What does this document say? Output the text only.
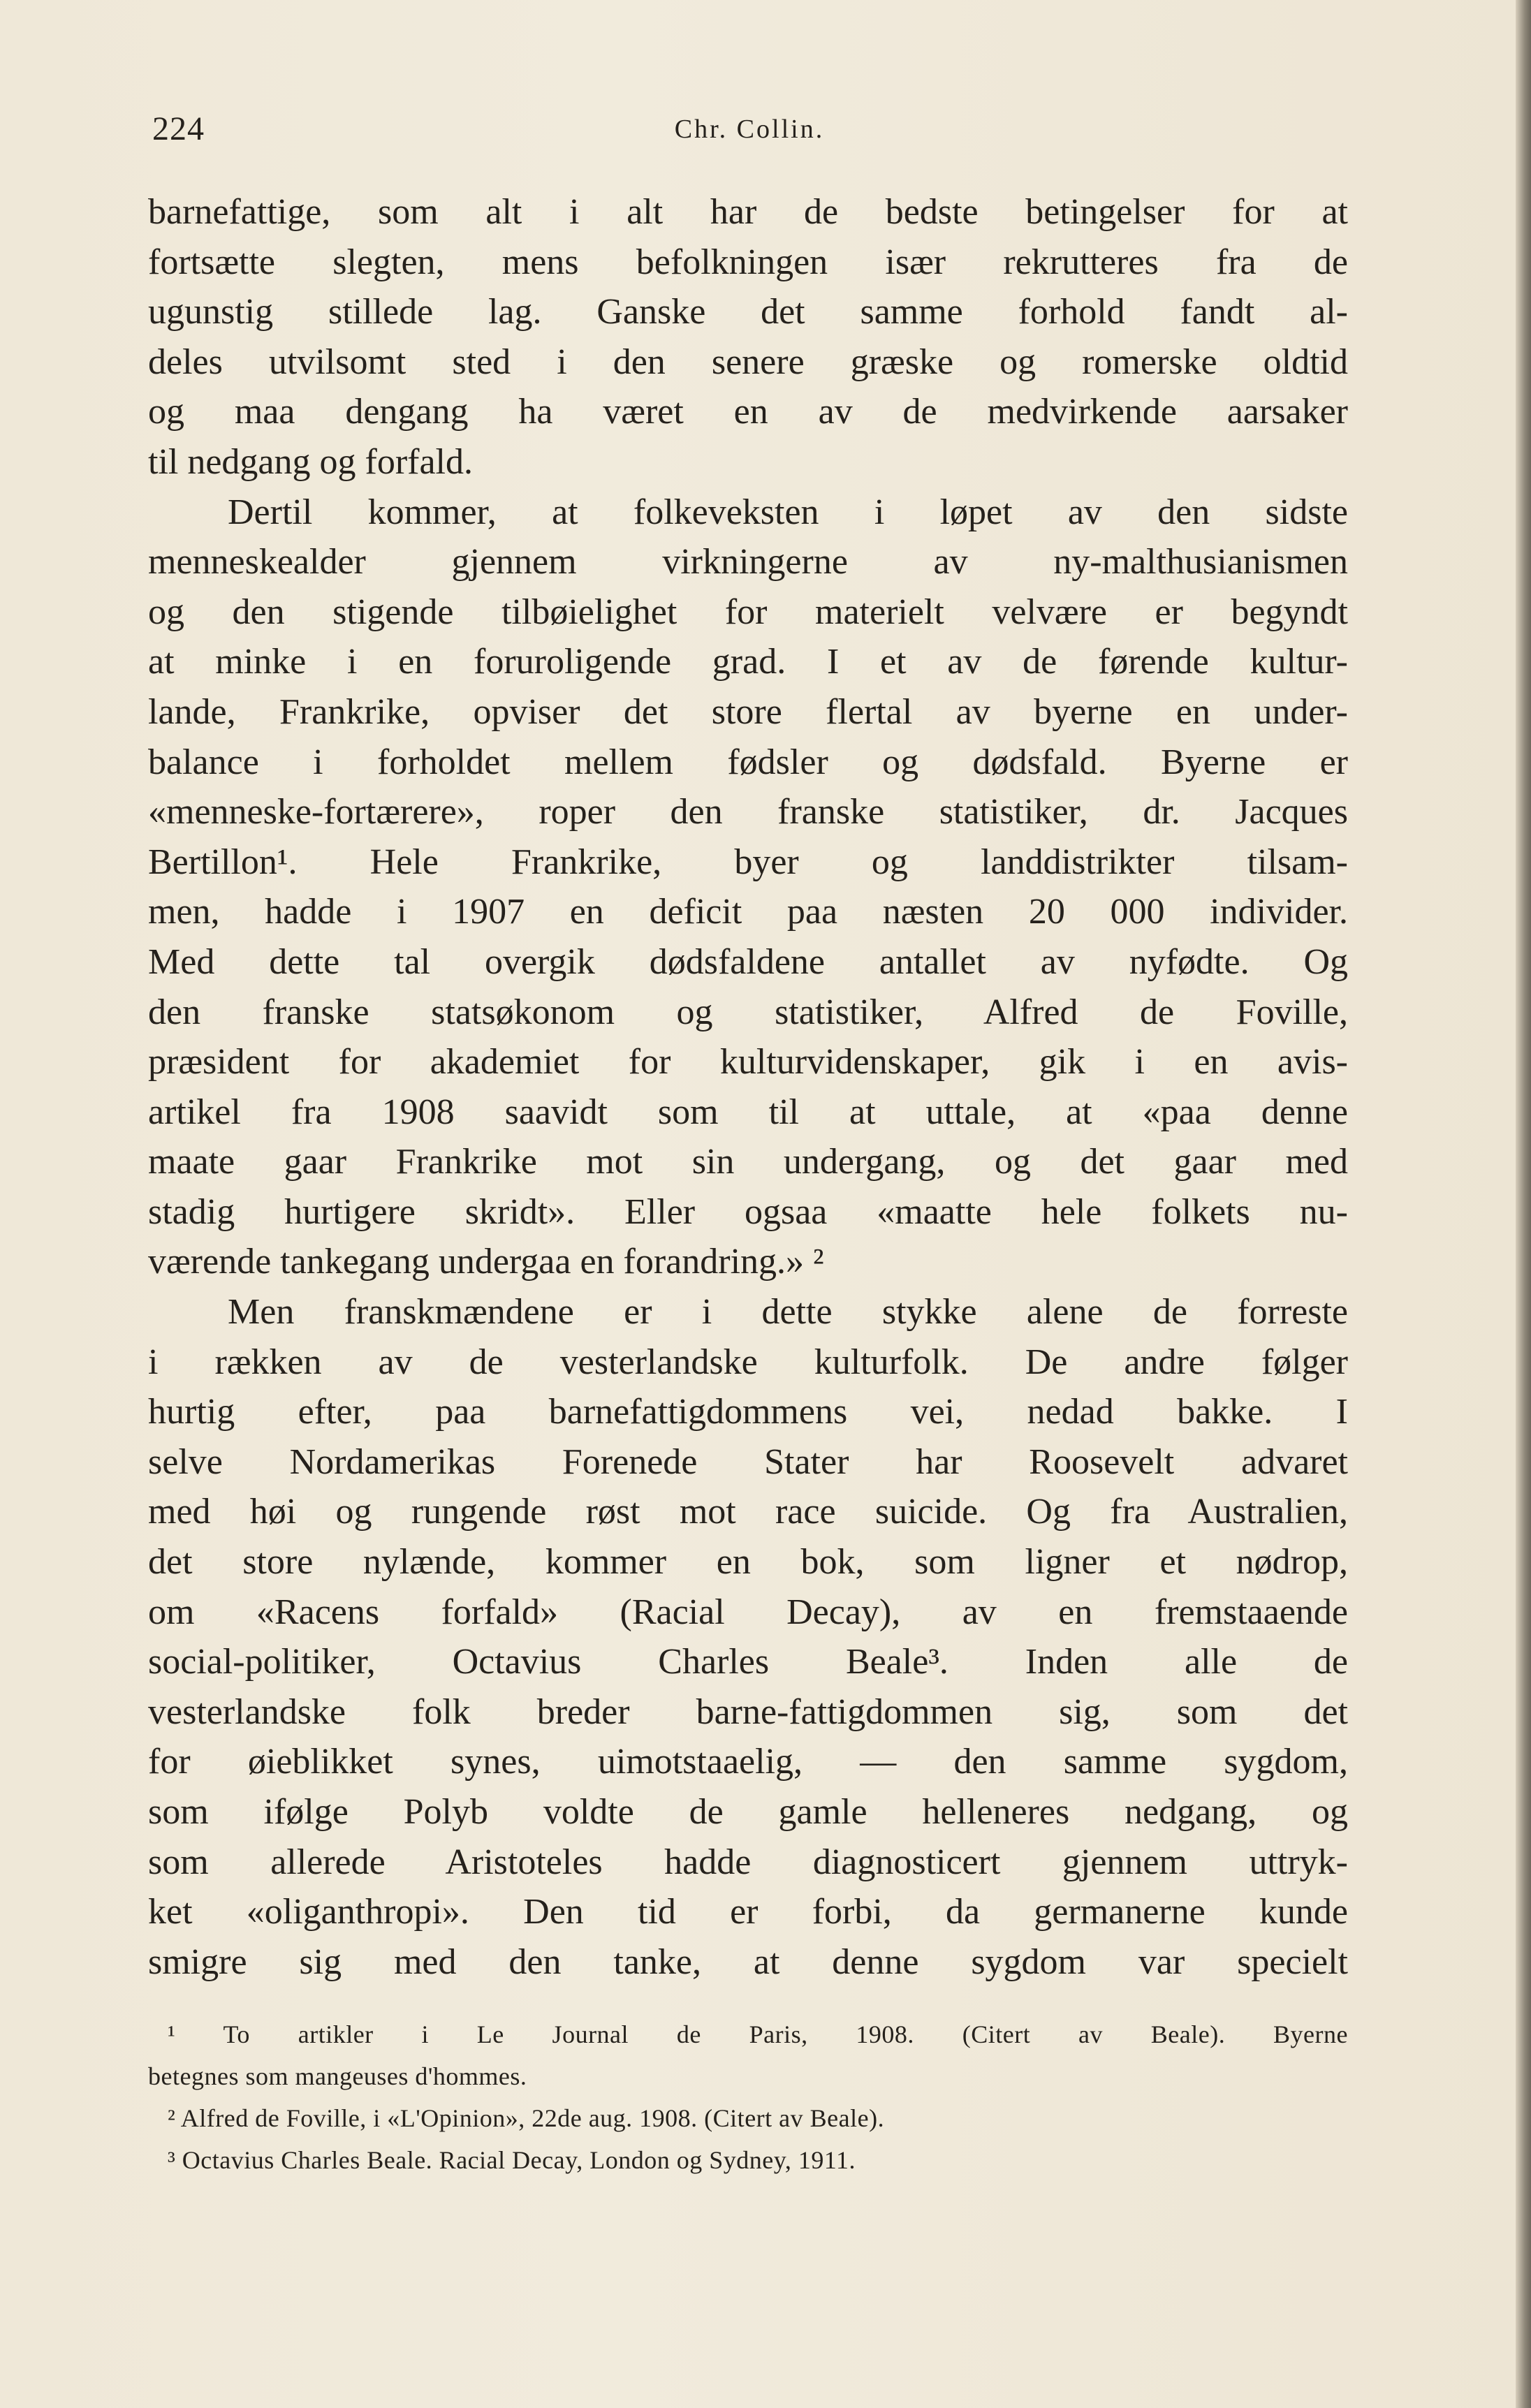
224	Chr. Collin.
barnefattige, som alt i alt har de bedste betingelser for at
fortsætte slegten, mens befolkningen især rekrutteres fra de
ugunstig stillede lag. Ganske det samme forhold fandt al-
deles utvilsomt sted i den senere græske og romerske oldtid
og maa dengang ha været en av de medvirkende aarsaker
til nedgang og forfald.
Dertil kommer, at folkeveksten i løpet av den sidste
menneskealder gjennem virkningerne av ny-malthusianismen
og den stigende tilbøielighet for materielt velvære er begyndt
at minke i en foruroligende grad. I et av de førende kultur-
lande, Frankrike, opviser det store flertal av byerne en under-
balance i forholdet mellem fødsler og dødsfald. Byerne er
«menneske-fortærere», roper den franske statistiker, dr. Jacques
Bertillon¹. Hele Frankrike, byer og landdistrikter tilsam-
men, hadde i 1907 en deficit paa næsten 20 000 individer.
Med dette tal overgik dødsfaldene antallet av nyfødte. Og
den franske statsøkonom og statistiker, Alfred de Foville,
præsident for akademiet for kulturvidenskaper, gik i en avis-
artikel fra 1908 saavidt som til at uttale, at «paa denne
maate gaar Frankrike mot sin undergang, og det gaar med
stadig hurtigere skridt». Eller ogsaa «maatte hele folkets nu-
værende tankegang undergaa en forandring.» ²
Men franskmændene er i dette stykke alene de forreste
i rækken av de vesterlandske kulturfolk. De andre følger
hurtig efter, paa barnefattigdommens vei, nedad bakke. I
selve Nordamerikas Forenede Stater har Roosevelt advaret
med høi og rungende røst mot race suicide. Og fra Australien,
det store nylænde, kommer en bok, som ligner et nødrop,
om «Racens forfald» (Racial Decay), av en fremstaaende
social-politiker, Octavius Charles Beale³. Inden alle de
vesterlandske folk breder barne-fattigdommen sig, som det
for øieblikket synes, uimotstaaelig, — den samme sygdom,
som ifølge Polyb voldte de gamle helleneres nedgang, og
som allerede Aristoteles hadde diagnosticert gjennem uttryk-
ket «oliganthropi». Den tid er forbi, da germanerne kunde
smigre sig med den tanke, at denne sygdom var specielt
¹ To artikler i Le Journal de Paris, 1908. (Citert av Beale). Byerne
betegnes som mangeuses d'hommes.
² Alfred de Foville, i «L'Opinion», 22de aug. 1908. (Citert av Beale).
³ Octavius Charles Beale. Racial Decay, London og Sydney, 1911.
